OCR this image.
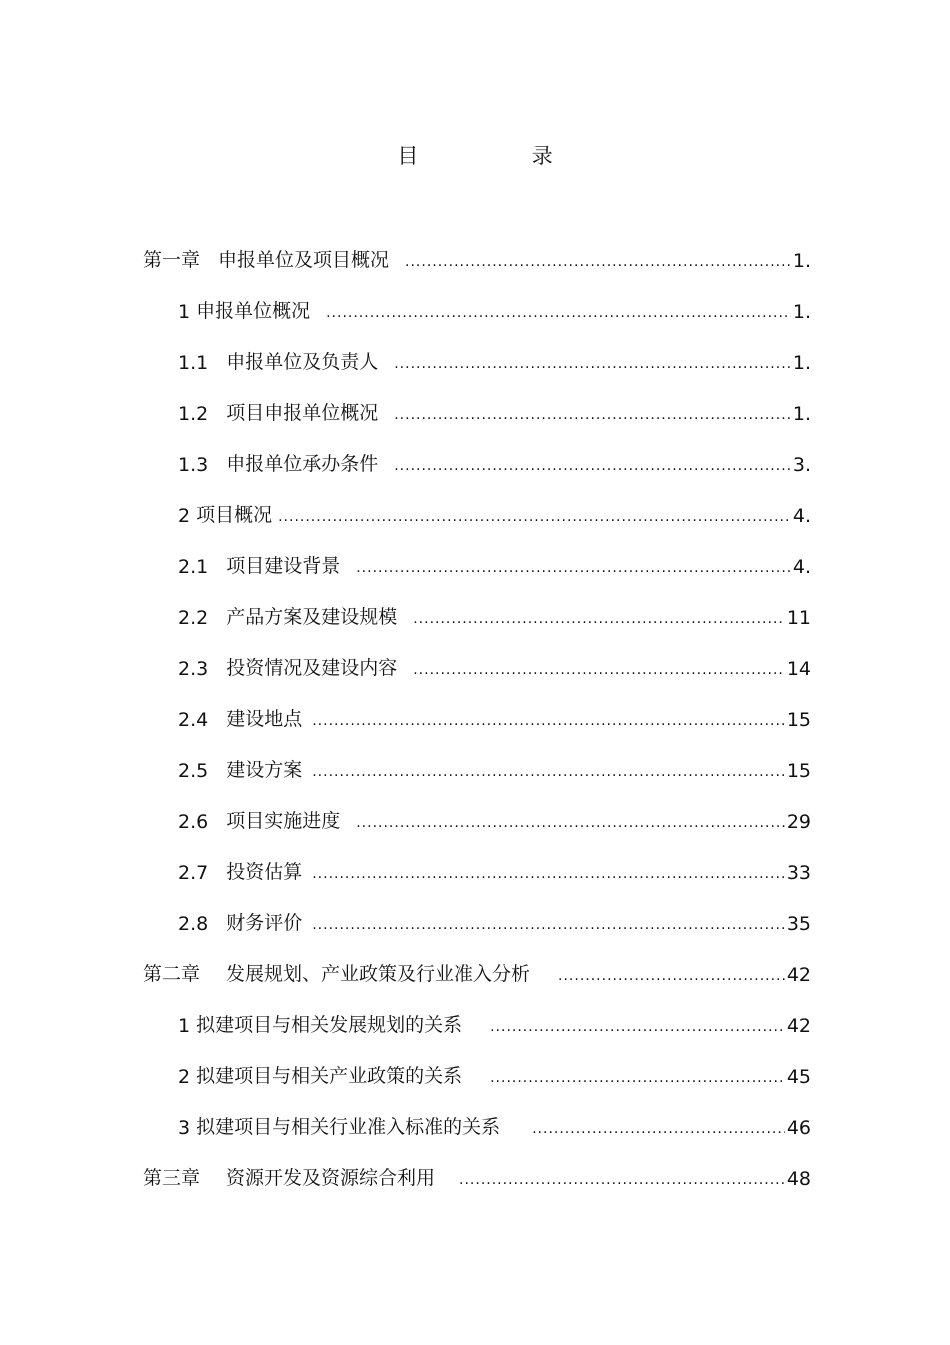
目	录
第一章 申报单位及项目概况 .....	1.
1 申报单位概况 .....	1.
1.1 申报单位及负责人 .....	1.
1.2 项目申报单位概况 .....	1.
1.3 申报单位承办条件 .....	3.
2 项目概况 .....	4.
2.1 项目建设背景 .....	4.
2.2 产品方案及建设规模 .....	11
2.3 投资情况及建设内容 .....	14
2.4 建设地点 .....	15
2.5 建设方案 .....	15
2.6 项目实施进度 .....	29
2.7 投资估算 .....	33
2.8 财务评价 .....	35
第二章 发展规划、产业政策及行业准入分析 .....	42
1 拟建项目与相关发展规划的关系 .....	42
2 拟建项目与相关产业政策的关系 .....	45
3 拟建项目与相关行业准入标准的关系 .....	46
第三章 资源开发及资源综合利用 .....	48
